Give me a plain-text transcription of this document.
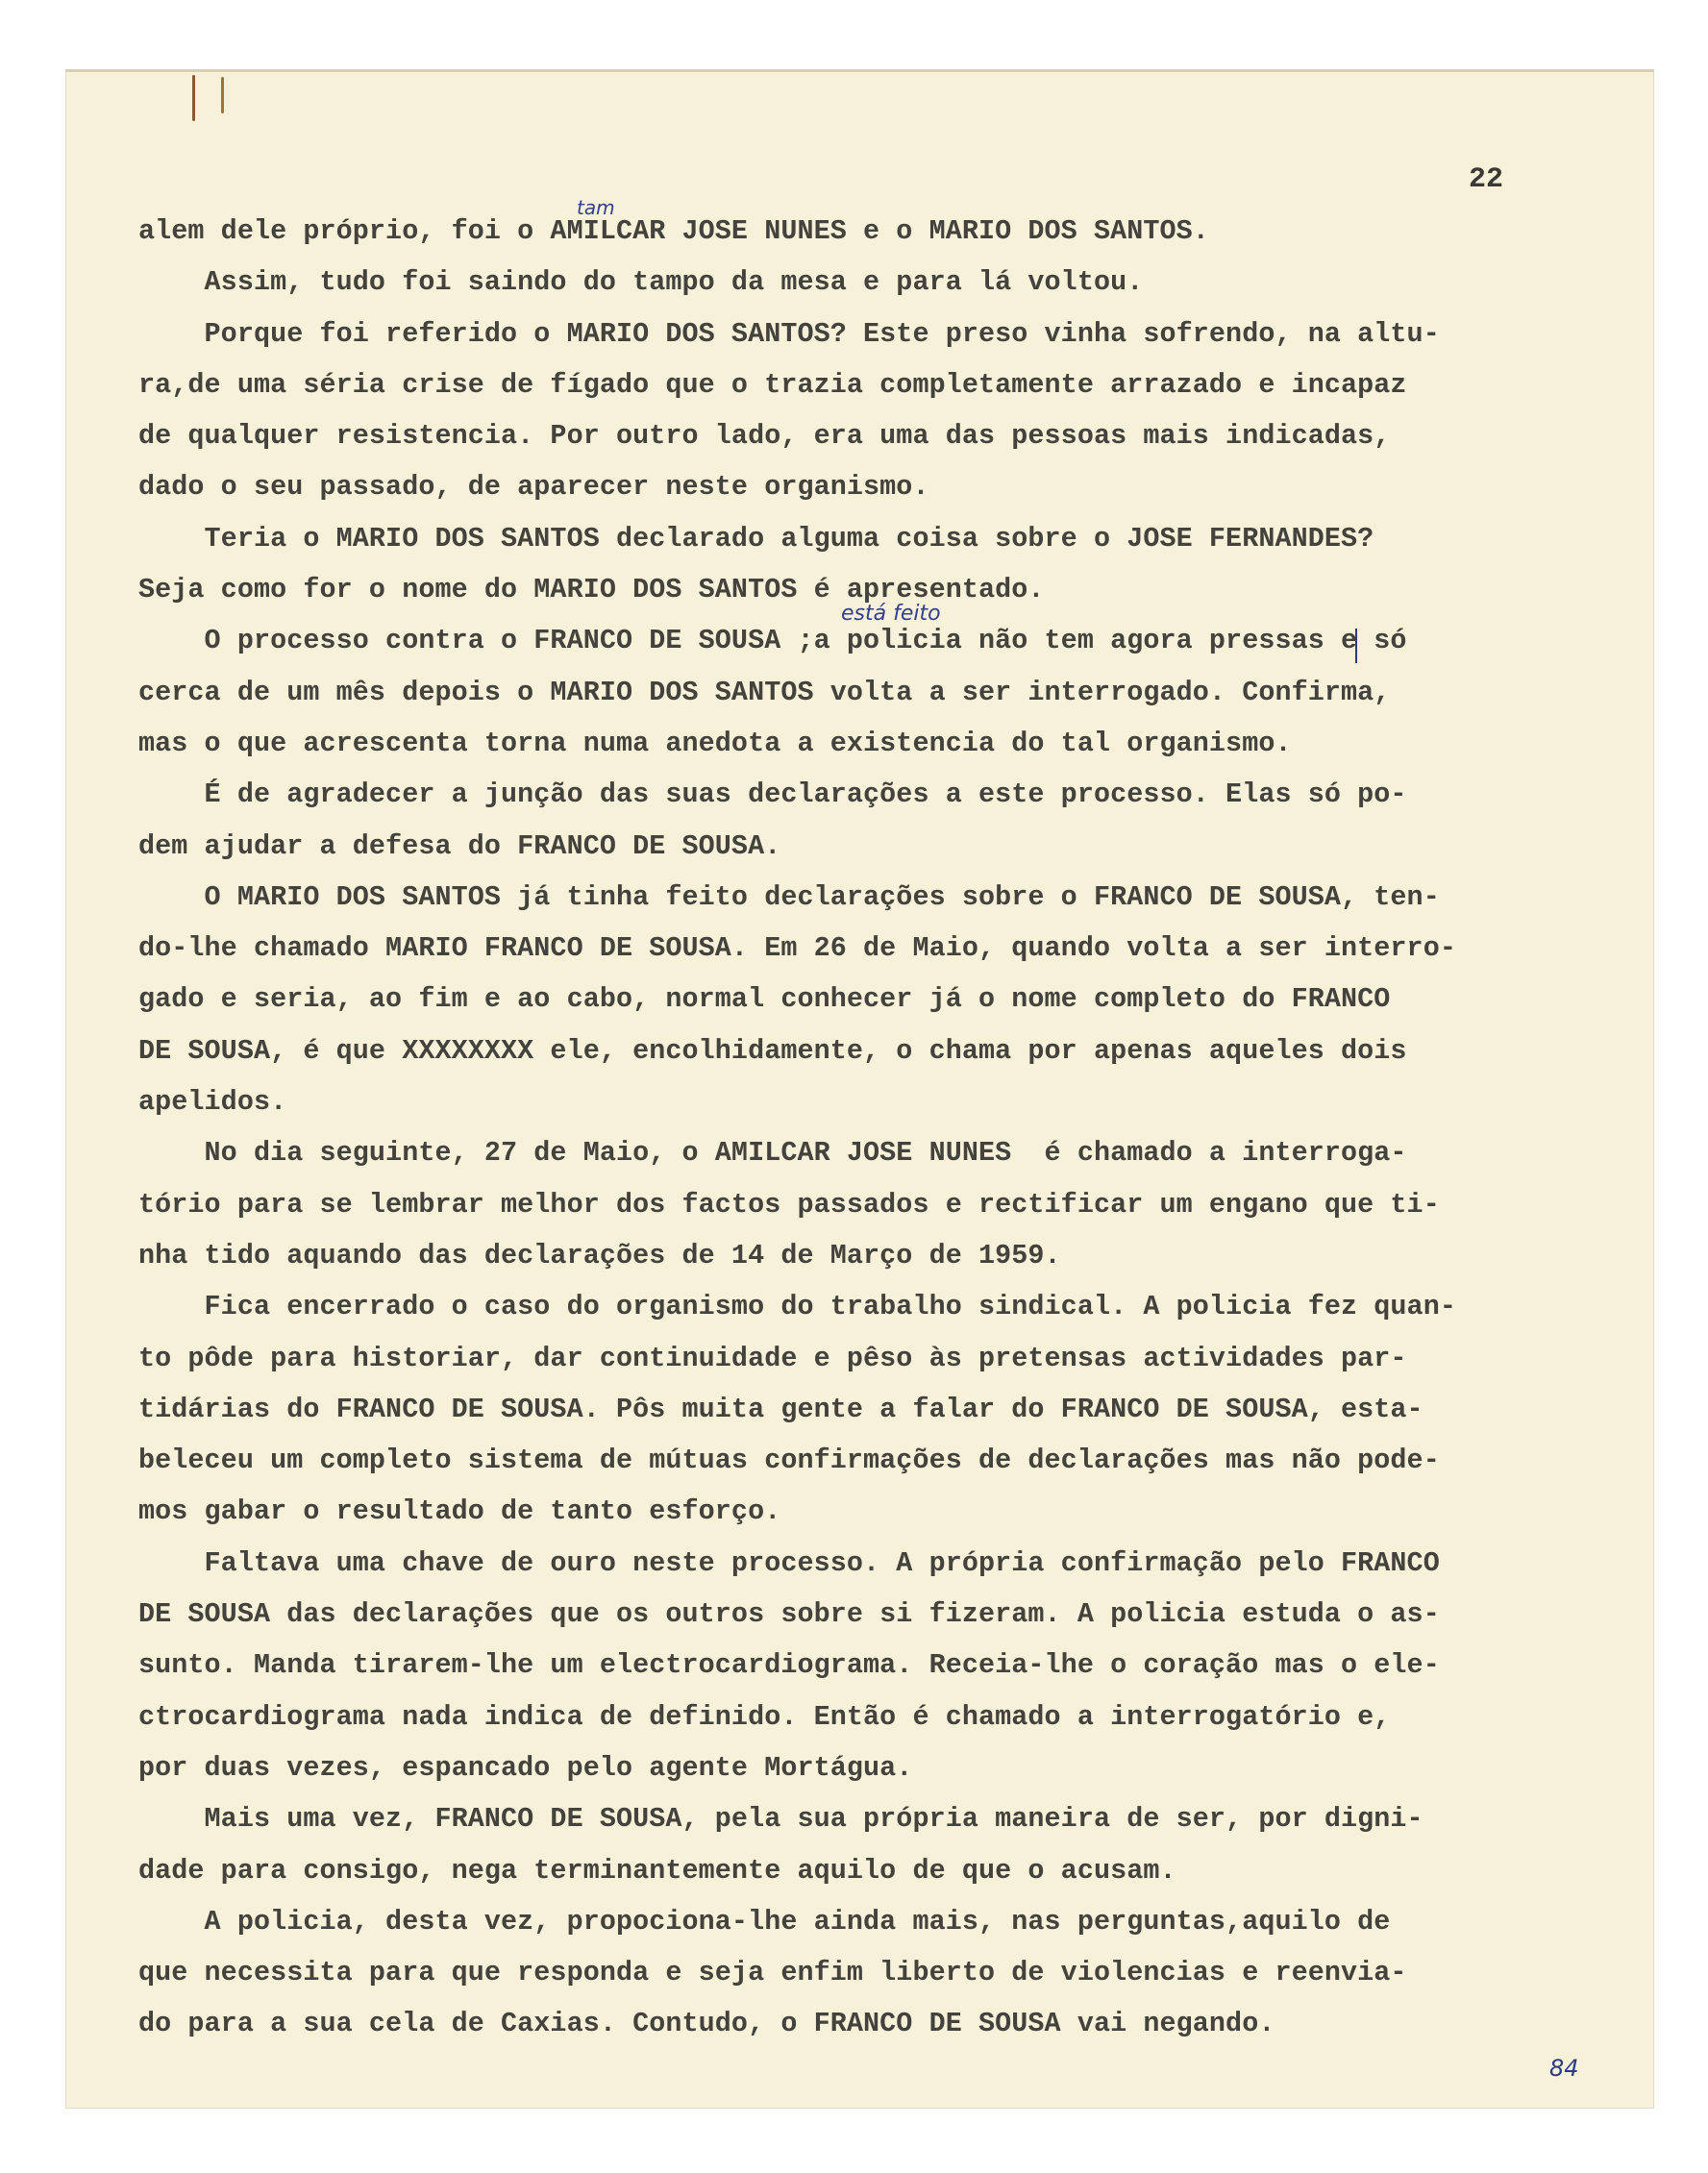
22
tam
está feito
alem dele próprio, foi o AMILCAR JOSE NUNES e o MARIO DOS SANTOS.
Assim, tudo foi saindo do tampo da mesa e para lá voltou.
Porque foi referido o MARIO DOS SANTOS? Este preso vinha sofrendo, na altu-
ra,de uma séria crise de fígado que o trazia completamente arrazado e incapaz
de qualquer resistencia. Por outro lado, era uma das pessoas mais indicadas,
dado o seu passado, de aparecer neste organismo.
Teria o MARIO DOS SANTOS declarado alguma coisa sobre o JOSE FERNANDES?
Seja como for o nome do MARIO DOS SANTOS é apresentado.
O processo contra o FRANCO DE SOUSA ;a policia não tem agora pressas e só
cerca de um mês depois o MARIO DOS SANTOS volta a ser interrogado. Confirma,
mas o que acrescenta torna numa anedota a existencia do tal organismo.
É de agradecer a junção das suas declarações a este processo. Elas só po-
dem ajudar a defesa do FRANCO DE SOUSA.
O MARIO DOS SANTOS já tinha feito declarações sobre o FRANCO DE SOUSA, ten-
do-lhe chamado MARIO FRANCO DE SOUSA. Em 26 de Maio, quando volta a ser interro-
gado e seria, ao fim e ao cabo, normal conhecer já o nome completo do FRANCO
DE SOUSA, é que XXXXXXXX ele, encolhidamente, o chama por apenas aqueles dois
apelidos.
No dia seguinte, 27 de Maio, o AMILCAR JOSE NUNES  é chamado a interroga-
tório para se lembrar melhor dos factos passados e rectificar um engano que ti-
nha tido aquando das declarações de 14 de Março de 1959.
Fica encerrado o caso do organismo do trabalho sindical. A policia fez quan-
to pôde para historiar, dar continuidade e pêso às pretensas actividades par-
tidárias do FRANCO DE SOUSA. Pôs muita gente a falar do FRANCO DE SOUSA, esta-
beleceu um completo sistema de mútuas confirmações de declarações mas não pode-
mos gabar o resultado de tanto esforço.
Faltava uma chave de ouro neste processo. A própria confirmação pelo FRANCO
DE SOUSA das declarações que os outros sobre si fizeram. A policia estuda o as-
sunto. Manda tirarem-lhe um electrocardiograma. Receia-lhe o coração mas o ele-
ctrocardiograma nada indica de definido. Então é chamado a interrogatório e,
por duas vezes, espancado pelo agente Mortágua.
Mais uma vez, FRANCO DE SOUSA, pela sua própria maneira de ser, por digni-
dade para consigo, nega terminantemente aquilo de que o acusam.
A policia, desta vez, propociona-lhe ainda mais, nas perguntas,aquilo de
que necessita para que responda e seja enfim liberto de violencias e reenvia-
do para a sua cela de Caxias. Contudo, o FRANCO DE SOUSA vai negando.
84
